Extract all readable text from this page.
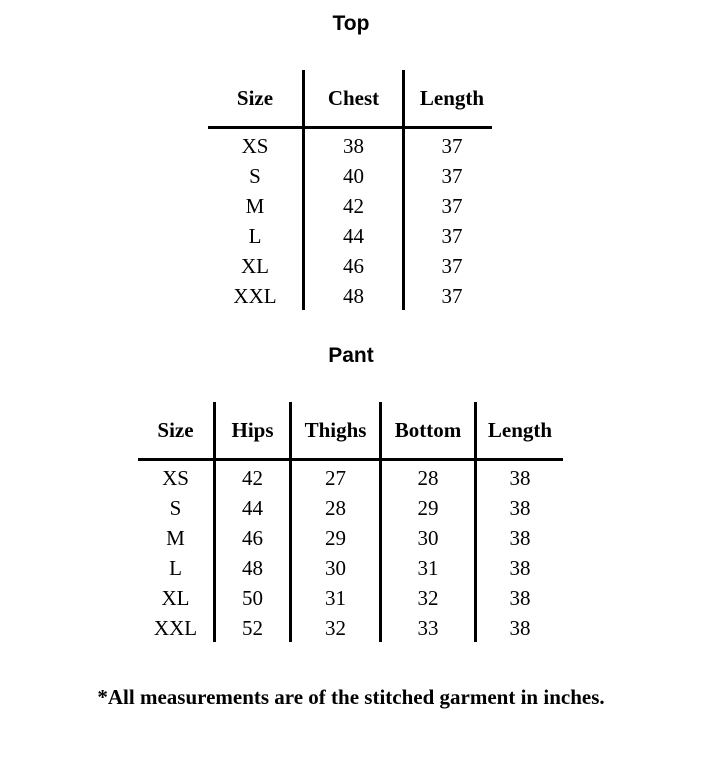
Top
Size	Chest	Length
XS	38	37
S	40	37
M	42	37
L	44	37
XL	46	37
XXL	48	37
Pant
Size	Hips	Thighs	Bottom	Length
XS	42	27	28	38
S	44	28	29	38
M	46	29	30	38
L	48	30	31	38
XL	50	31	32	38
XXL	52	32	33	38
*All measurements are of the stitched garment in inches.
